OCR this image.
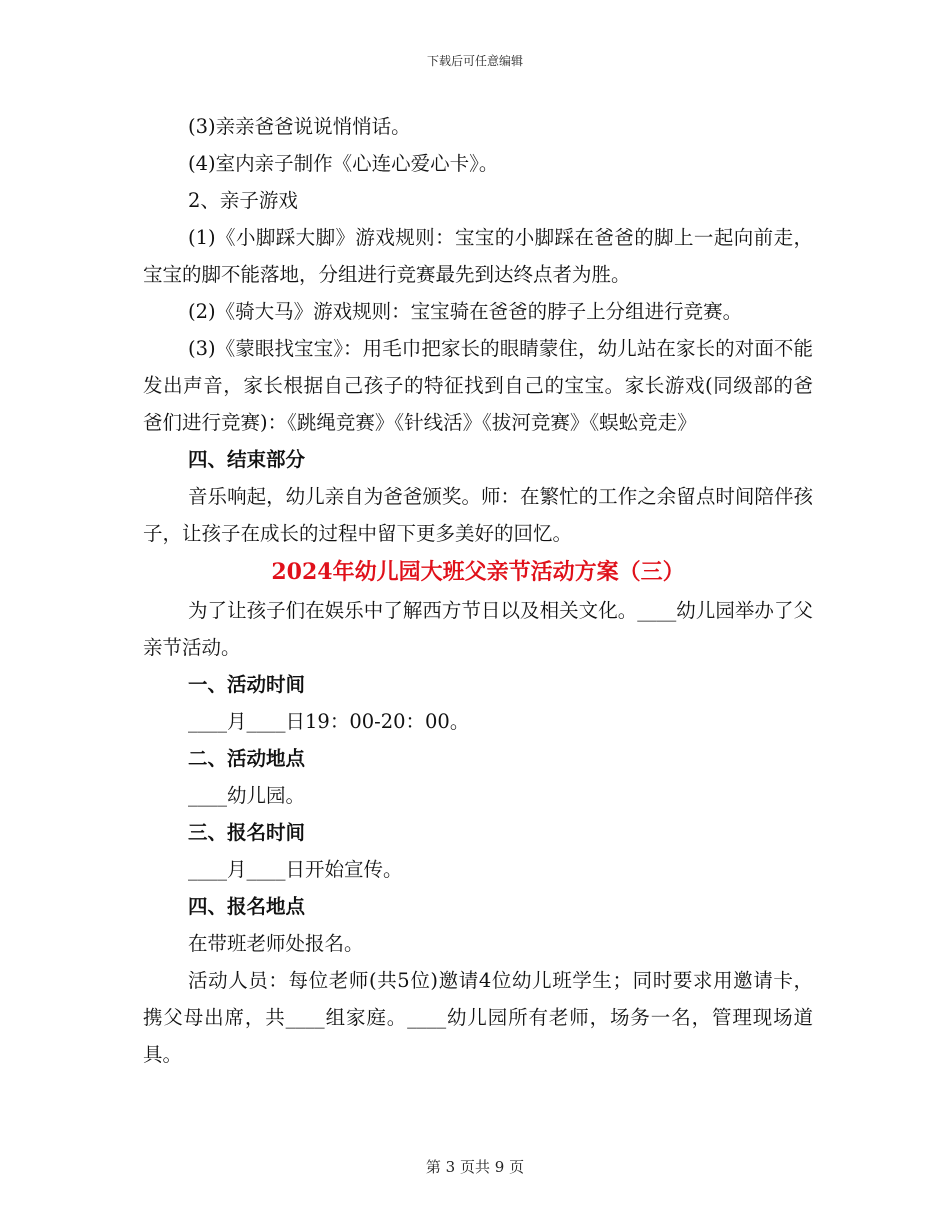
下载后可任意编辑

(3)亲亲爸爸说说悄悄话。

(4)室内亲子制作《心连心爱心卡》。

2、亲子游戏

(1)《小脚踩大脚》游戏规则：宝宝的小脚踩在爸爸的脚上一起向前走，宝宝的脚不能落地，分组进行竞赛最先到达终点者为胜。

(2)《骑大马》游戏规则：宝宝骑在爸爸的脖子上分组进行竞赛。

(3)《蒙眼找宝宝》：用毛巾把家长的眼睛蒙住，幼儿站在家长的对面不能发出声音，家长根据自己孩子的特征找到自己的宝宝。家长游戏(同级部的爸爸们进行竞赛)：《跳绳竞赛》《针线活》《拔河竞赛》《蜈蚣竞走》

四、结束部分

音乐响起，幼儿亲自为爸爸颁奖。师：在繁忙的工作之余留点时间陪伴孩子，让孩子在成长的过程中留下更多美好的回忆。

2024年幼儿园大班父亲节活动方案（三）

为了让孩子们在娱乐中了解西方节日以及相关文化。____幼儿园举办了父亲节活动。

一、活动时间

____月____日19：00-20：00。

二、活动地点

____幼儿园。

三、报名时间

____月____日开始宣传。

四、报名地点

在带班老师处报名。

活动人员：每位老师(共5位)邀请4位幼儿班学生；同时要求用邀请卡，携父母出席，共____组家庭。____幼儿园所有老师，场务一名，管理现场道具。

第 3 页共 9 页
